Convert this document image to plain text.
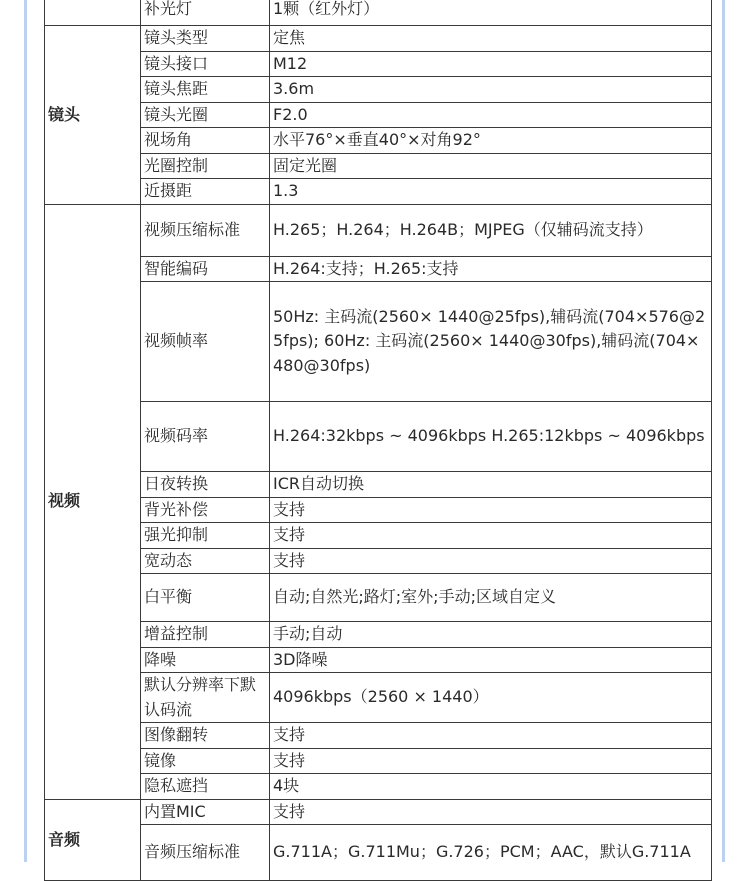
	补光灯	1颗（红外灯）
镜头	镜头类型	定焦
	镜头接口	M12
	镜头焦距	3.6m
	镜头光圈	F2.0
	视场角	水平76°×垂直40°×对角92°
	光圈控制	固定光圈
	近摄距	1.3
视频	视频压缩标准	H.265；H.264；H.264B；MJPEG（仅辅码流支持）
	智能编码	H.264:支持；H.265:支持
	视频帧率	50Hz: 主码流(2560× 1440@25fps),辅码流(704×576@25fps); 60Hz: 主码流(2560× 1440@30fps),辅码流(704×480@30fps)
	视频码率	H.264:32kbps ~ 4096kbps H.265:12kbps ~ 4096kbps
	日夜转换	ICR自动切换
	背光补偿	支持
	强光抑制	支持
	宽动态	支持
	白平衡	自动;自然光;路灯;室外;手动;区域自定义
	增益控制	手动;自动
	降噪	3D降噪
	默认分辨率下默认码流	4096kbps（2560 × 1440）
	图像翻转	支持
	镜像	支持
	隐私遮挡	4块
音频	内置MIC	支持
	音频压缩标准	G.711A；G.711Mu；G.726；PCM；AAC，默认G.711A
